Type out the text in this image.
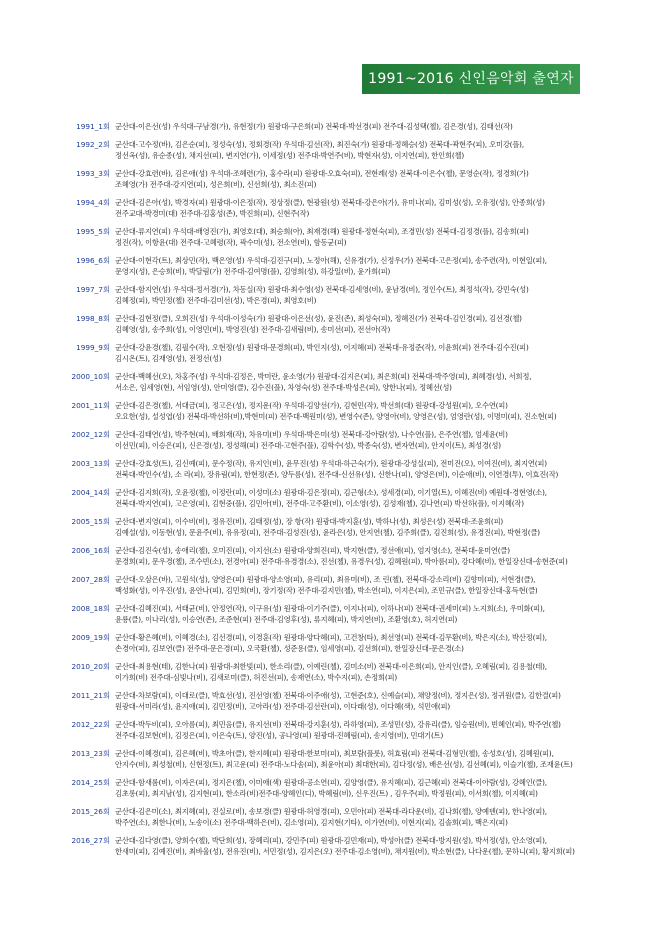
1991~2016 신인음악회 출연자
1991_1회 군산대-이은선(성) 우석대-구남경(가), 유현정(가) 원광대-구은희(피) 전북대-박선경(피) 전주대-김성택(첼), 김은경(성), 김태선(작)
1992_2회 군산대-고수정(바), 김은순(피), 정성숙(성), 정회경(작) 우석대-김선(작), 최진숙(가) 원광대-정혜승(성) 전북대-곽현주(피), 오미강(플),
정선옥(성), 유순종(성), 채지선(피), 변지연(가), 이세정(성) 전주대-박연주(비), 박현자(성), 이지연(피), 한인희(첼)
1993_3회 군산대-강효련(바), 김은애(성) 우석대-조혜련(가), 홍수라(피) 원광대-오효숙(피), 전현례(성) 전북대-이은수(첼), 문영순(작), 정경희(가)
조혜영(가) 전주대-강지연(피), 성은희(비), 신선희(성), 최소진(피)
1994_4회 군산대-김은아(성), 박경자(피) 원광대-이은정(작), 정상정(클), 현광원(성) 전북대-강은아(가), 유미나(피), 김미성(성), 오유정(성), 안종희(성)
전주교대-박경미(대) 전주대-김홍성(존), 박진희(피), 신현주(작)
1995_5회 군산대-류지연(피) 우석대-배영진(가), 최영호(대), 최승희(아), 최재경(해) 원광대-정현숙(피), 조경민(성) 전북대-김정경(플), 김송희(피)
정진(작), 이항윤(대) 전주대-고혜령(작), 곽수미(성), 전소연(비), 함동균(피)
1996_6회 군산대-이현각(트), 최상민(작), 백은영(성) 우석대-김진구(피), 노정아(해), 신유경(가), 신정우(가) 전북대-고은정(피), 송주련(작), 이현일(피),
문영지(성), 은승희(비), 박달림(가) 전주대-김여명(플), 김영희(성), 하강일(비), 윤가희(피)
1997_7회 군산대-함지연(성) 우석대-정서경(가), 차동실(작) 원광대-최수영(성) 전북대-김세영(비), 윤남경(비), 정인수(트), 최정석(작), 강민숙(성)
김혜정(피), 박민정(첼) 전주대-김미선(성), 박은경(피), 최영호(비)
1998_8회 군산대-김현정(클), 오희진(성) 우석대-이성숙(가) 원광대-이은선(성), 윤진(존), 최성숙(피), 정혜진(가) 전북대-김인경(피), 김선경(첼)
김혜영(성), 송주희(성), 이영민(비), 박영진(성) 전주대-김새림(비), 송미선(피), 전선아(작)
1999_9회 군산대-강윤경(첼), 김필수(작), 오현정(성) 원광대-문경희(피), 박인지(성), 이지혜(피) 전북대-유정준(작), 이윤희(피) 전주대-김수진(피)
김시온(트), 김재영(성), 전정선(성)
2000_10회 군산대-백혜선(오), 차홍주(성) 우석대-김정은, 박미란, 윤소영(가) 원광대-김지은(피), 최은희(피) 전북대-박주영(피), 최혜경(성), 서희정,
서소은, 임세영(현), 서임영(성), 안미영(클), 김수진(플), 차영숙(성) 전주대-박성은(피), 양한나(피), 정혜선(성)
2001_11회 군산대-김은경(첼), 서대금(피), 정고은(성), 정지운(작) 우석대-김양선(가), 김현민(작), 박선희(대) 원광대-강성원(피), 오수연(피)
오요한(성), 설성엽(성) 전북대-박선하(비),박현미(피) 전주대-백원미(성), 변영수(존), 양영아(비), 양영은(성), 엄영란(성), 이명미(피), 진소현(피)
2002_12회 군산대-김태연(성), 박주현(피), 배희재(작), 차유미(비) 우석대-박은미(성) 전북대-강아람(성), 나수연(플), 은주연(첼), 엄세윤(비)
이선민(피), 이승은(피), 신은경(성), 정성해(피) 전주대-고현주(플), 김학수(성), 박종숙(성), 변자연(피), 안지이(트), 최성경(성)
2003_13회 군산대-강효성(트), 김신예(피), 문수정(작), 유지인(비), 윤무진(성) 우석대-하근숙(가), 원광대-강성실(피), 전미진(오), 이여진(비), 최지연(피)
전북대-박인수(성), 소 라(피), 장유림(피), 한현정(존), 양두름(성), 전주대-신선유(성), 신한나(피), 양영은(비), 이순애(비), 이연경(투), 이효진(작)
2004_14회 군산대-김지희(작), 오윤정(첼), 이정란(피), 이성미(소) 원광대-김은정(피), 김근형(소), 성세경(피), 이기열(트), 이혜진(비) 예원대-경현영(소),
전북대-박지연(피), 고은영(피), 김현중(플), 김민아(비), 전주대-고주환(비), 이소영(성), 김성재(첼), 김나연(피) 박선하(플), 이지혜(작)
2005_15회 군산대-변지영(피), 이수비(비), 정유진(비), 김태정(성), 장 항(작) 원광대-박지훈(성), 박하나(성), 최성은(성) 전북대-조윤희(피)
김예설(성), 이동현(성), 문윤주(비), 유유정(피), 전주대-김성진(성), 윤라은(성), 안지연(첼), 김주희(클), 김진희(성), 유경진(피), 박현정(클)
2006_16회 군산대-김진숙(성), 송애리(첼), 오미진(피), 이지선(소) 원광대-양희진(피), 박지현(클), 정선애(피), 엄지영(소), 전북대-윤미연(클)
문경희(피), 문우경(첼), 조수빈(소), 전경아(피) 전주대-유경경(소), 진선(첼), 유경우(성), 김혜원(피), 박아름(피), 강다혜(비), 한일장신대-송현준(피)
2007_28회 군산대-오삼은(바), 고원석(성), 양영은(피) 원광대-양소영(피), 유리(피), 최유미(비), 조 린(첼), 전북대-강소리(비) 김향미(피), 서현경(클),
백성화(성), 이우진(성), 윤안나(피), 김민희(비), 장기정(작) 전주대-김지민(첼), 박소연(피), 이지은(피), 조민규(클), 한일장신대-홍득현(클)
2008_18회 군산대-김혜진(피), 서태균(비), 안정연(작), 이구유(성) 원광대-이기주(클), 이지나(피), 이하나(피) 전북대-권세미(피) 노지희(소), 우미화(피),
윤룡(클), 이나리(성), 이승연(존), 조준현(피) 전주대-김영후(성), 류지혜(피), 박지연(비), 조환영(호), 허지연(피)
2009_19회 군산대-황은혜(비), 이혜경(소), 김선경(피), 이경훈(작) 원광대-양다혜(피), 고건창(타), 최선영(피) 전북대-김무환(비), 박은지(소), 박산정(피),
손경아(피), 김보연(클) 전주대-문은경(피), 오국환(첼), 성준용(클), 임세영(피), 김선희(피), 한일장신대-문은경(소)
2010_20회 군산대-최용현(테), 김한나(피) 원광대-최한빛(피), 한소리(클), 이예린(첼), 김미소(비) 전북대-이은희(피), 안지인(클), 오혜림(피), 김용철(테),
이가희(비) 전주대-심빛나(비), 김새로미(클), 허진선(피), 송재연(소), 박수지(피), 손정희(피)
2011_21회 군산대-차보람(피), 이대로(클), 박효선(성), 진선영(첼) 전북대-이주애(성), 고현준(호), 신예슬(피), 채양정(비), 정지은(성), 정귀원(클), 김한결(피)
원광대-서미라(성), 윤지애(피), 김민정(비), 고아라(성) 전주대-김선란(피), 이다래(성), 이다혜(색), 석민애(피)
2012_22회 군산대-박두비(피), 오아름(피), 최민음(클), 유지선(비) 전북대-강지훈(성), 라하영(피), 조성민(성), 강유리(클), 임승원(비), 빈혜인(피), 박주연(첼)
전주대-김보현(비), 김정은(피), 이은숙(트), 양진(성), 공나영(피) 원광대-진혜림(피), 송지영(비), 민대기(트)
2013_23회 군산대-이혜경(피), 김은혜(비), 박초아(클), 한지혜(피) 원광대-한보미(피), 최보람(플룻), 허효림(피) 전북대-김형민(첼), 송성호(성), 김혜원(피),
안지수(비), 최성철(비), 신현정(트), 최고운(피) 전주대-노다솜(피), 최윤아(피) 최대한(피), 김다정(성), 배은선(성), 김선혜(피), 이슬기(첼), 조재윤(트)
2014_25회 군산대-함새롬(비), 이자은(피), 정지은(첼), 이미애(색) 원광대-공소연(피), 김양영(클), 유지혜(피), 김근혜(피) 전북대-이아람(성), 강혜인(클),
김초롱(피), 최지남(성), 김지현(피), 한소라(비)전주대-양혜인(디), 박혜림(비), 신우진(트) , 김우주(피), 박정원(피), 이서희(첼), 이지혜(피)
2015_26회 군산대-김은미(소), 최지혜(피), 진실로(비), 송보경(클) 원광대-허영경(피), 오민아(피) 전북대-라다운(비), 김나희(첼), 양예덴(피), 한나영(피),
박주연(소), 최한나(비), 노송이(소) 전주대-백하은(비), 김소영(피), 김지현(기타), 이가연(비), 이현지(피), 김솔희(피), 백은지(피)
2016_27회 군산대-김다영(클), 양희수(첼), 박단희(성), 장혜리(피), 강민주(피) 원광대-김민재(피), 박성아(클) 전북대-방지원(성), 박서정(성), 안소영(피),
한새미(피), 김예진(비), 최바울(성), 전유진(비), 서민정(성), 김지은(오) 전주대-김소영(비), 채지원(비), 박소현(클), 나다운(첼), 문하니(피), 황지희(피)
